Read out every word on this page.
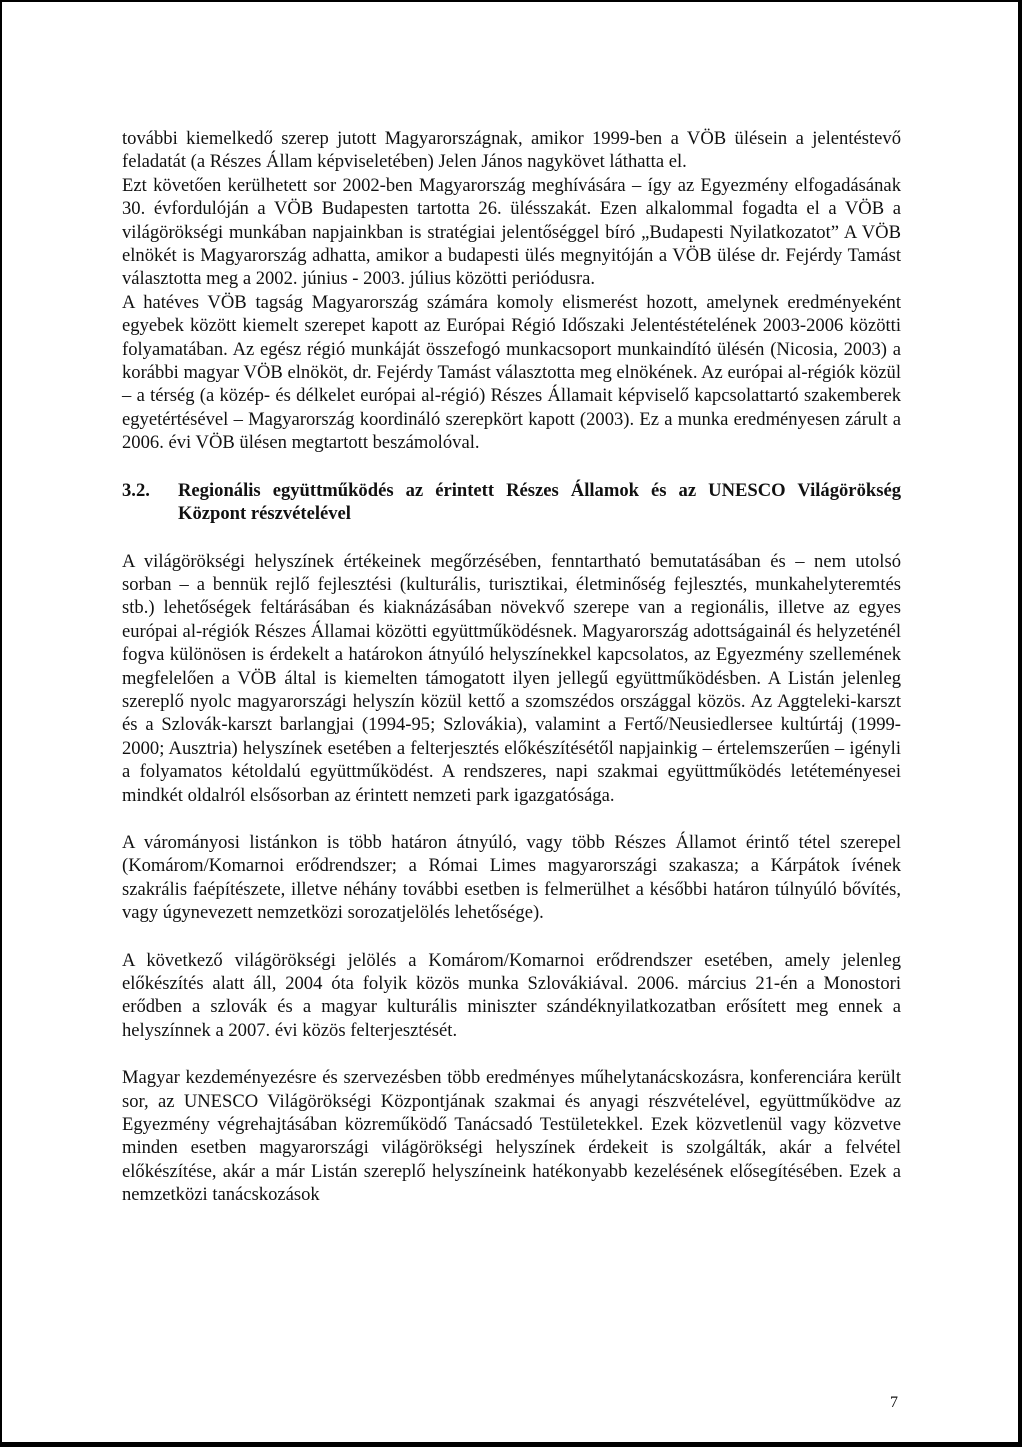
további kiemelkedő szerep jutott Magyarországnak, amikor 1999-ben a VÖB ülésein a jelentéstevő feladatát (a Részes Állam képviseletében) Jelen János nagykövet láthatta el.

Ezt követően kerülhetett sor 2002-ben Magyarország meghívására – így az Egyezmény elfogadásának 30. évfordulóján a VÖB Budapesten tartotta 26. ülésszakát. Ezen alkalommal fogadta el a VÖB a világörökségi munkában napjainkban is stratégiai jelentőséggel bíró „Budapesti Nyilatkozatot” A VÖB elnökét is Magyarország adhatta, amikor a budapesti ülés megnyitóján a VÖB ülése dr. Fejérdy Tamást választotta meg a 2002. június - 2003. július közötti periódusra.

A hatéves VÖB tagság Magyarország számára komoly elismerést hozott, amelynek eredményeként egyebek között kiemelt szerepet kapott az Európai Régió Időszaki Jelentéstételének 2003-2006 közötti folyamatában. Az egész régió munkáját összefogó munkacsoport munkaindító ülésén (Nicosia, 2003) a korábbi magyar VÖB elnököt, dr. Fejérdy Tamást választotta meg elnökének. Az európai al-régiók közül – a térség (a közép- és délkelet európai al-régió) Részes Államait képviselő kapcsolattartó szakemberek egyetértésével – Magyarország koordináló szerepkört kapott (2003). Ez a munka eredményesen zárult a 2006. évi VÖB ülésen megtartott beszámolóval.

3.2.	Regionális együttműködés az érintett Részes Államok és az UNESCO Világörökség Központ részvételével

A világörökségi helyszínek értékeinek megőrzésében, fenntartható bemutatásában és – nem utolsó sorban – a bennük rejlő fejlesztési (kulturális, turisztikai, életminőség fejlesztés, munkahelyteremtés stb.) lehetőségek feltárásában és kiaknázásában növekvő szerepe van a regionális, illetve az egyes európai al-régiók Részes Államai közötti együttműködésnek. Magyarország adottságainál és helyzeténél fogva különösen is érdekelt a határokon átnyúló helyszínekkel kapcsolatos, az Egyezmény szellemének megfelelően a VÖB által is kiemelten támogatott ilyen jellegű együttműködésben. A Listán jelenleg szereplő nyolc magyarországi helyszín közül kettő a szomszédos országgal közös. Az Aggteleki-karszt és a Szlovák-karszt barlangjai (1994-95; Szlovákia), valamint a Fertő/Neusiedlersee kultúrtáj (1999-2000; Ausztria) helyszínek esetében a felterjesztés előkészítésétől napjainkig – értelemszerűen – igényli a folyamatos kétoldalú együttműködést. A rendszeres, napi szakmai együttműködés letéteményesei mindkét oldalról elsősorban az érintett nemzeti park igazgatósága.

A várományosi listánkon is több határon átnyúló, vagy több Részes Államot érintő tétel szerepel (Komárom/Komarnoi erődrendszer; a Római Limes magyarországi szakasza; a Kárpátok ívének szakrális faépítészete, illetve néhány további esetben is felmerülhet a későbbi határon túlnyúló bővítés, vagy úgynevezett nemzetközi sorozatjelölés lehetősége).

A következő világörökségi jelölés a Komárom/Komarnoi erődrendszer esetében, amely jelenleg előkészítés alatt áll, 2004 óta folyik közös munka Szlovákiával. 2006. március 21-én a Monostori erődben a szlovák és a magyar kulturális miniszter szándéknyilatkozatban erősített meg ennek a helyszínnek a 2007. évi közös felterjesztését.

Magyar kezdeményezésre és szervezésben több eredményes műhelytanácskozásra, konferenciára került sor, az UNESCO Világörökségi Központjának szakmai és anyagi részvételével, együttműködve az Egyezmény végrehajtásában közreműködő Tanácsadó Testületekkel. Ezek közvetlenül vagy közvetve minden esetben magyarországi világörökségi helyszínek érdekeit is szolgálták, akár a felvétel előkészítése, akár a már Listán szereplő helyszíneink hatékonyabb kezelésének elősegítésében. Ezek a nemzetközi tanácskozások

7
